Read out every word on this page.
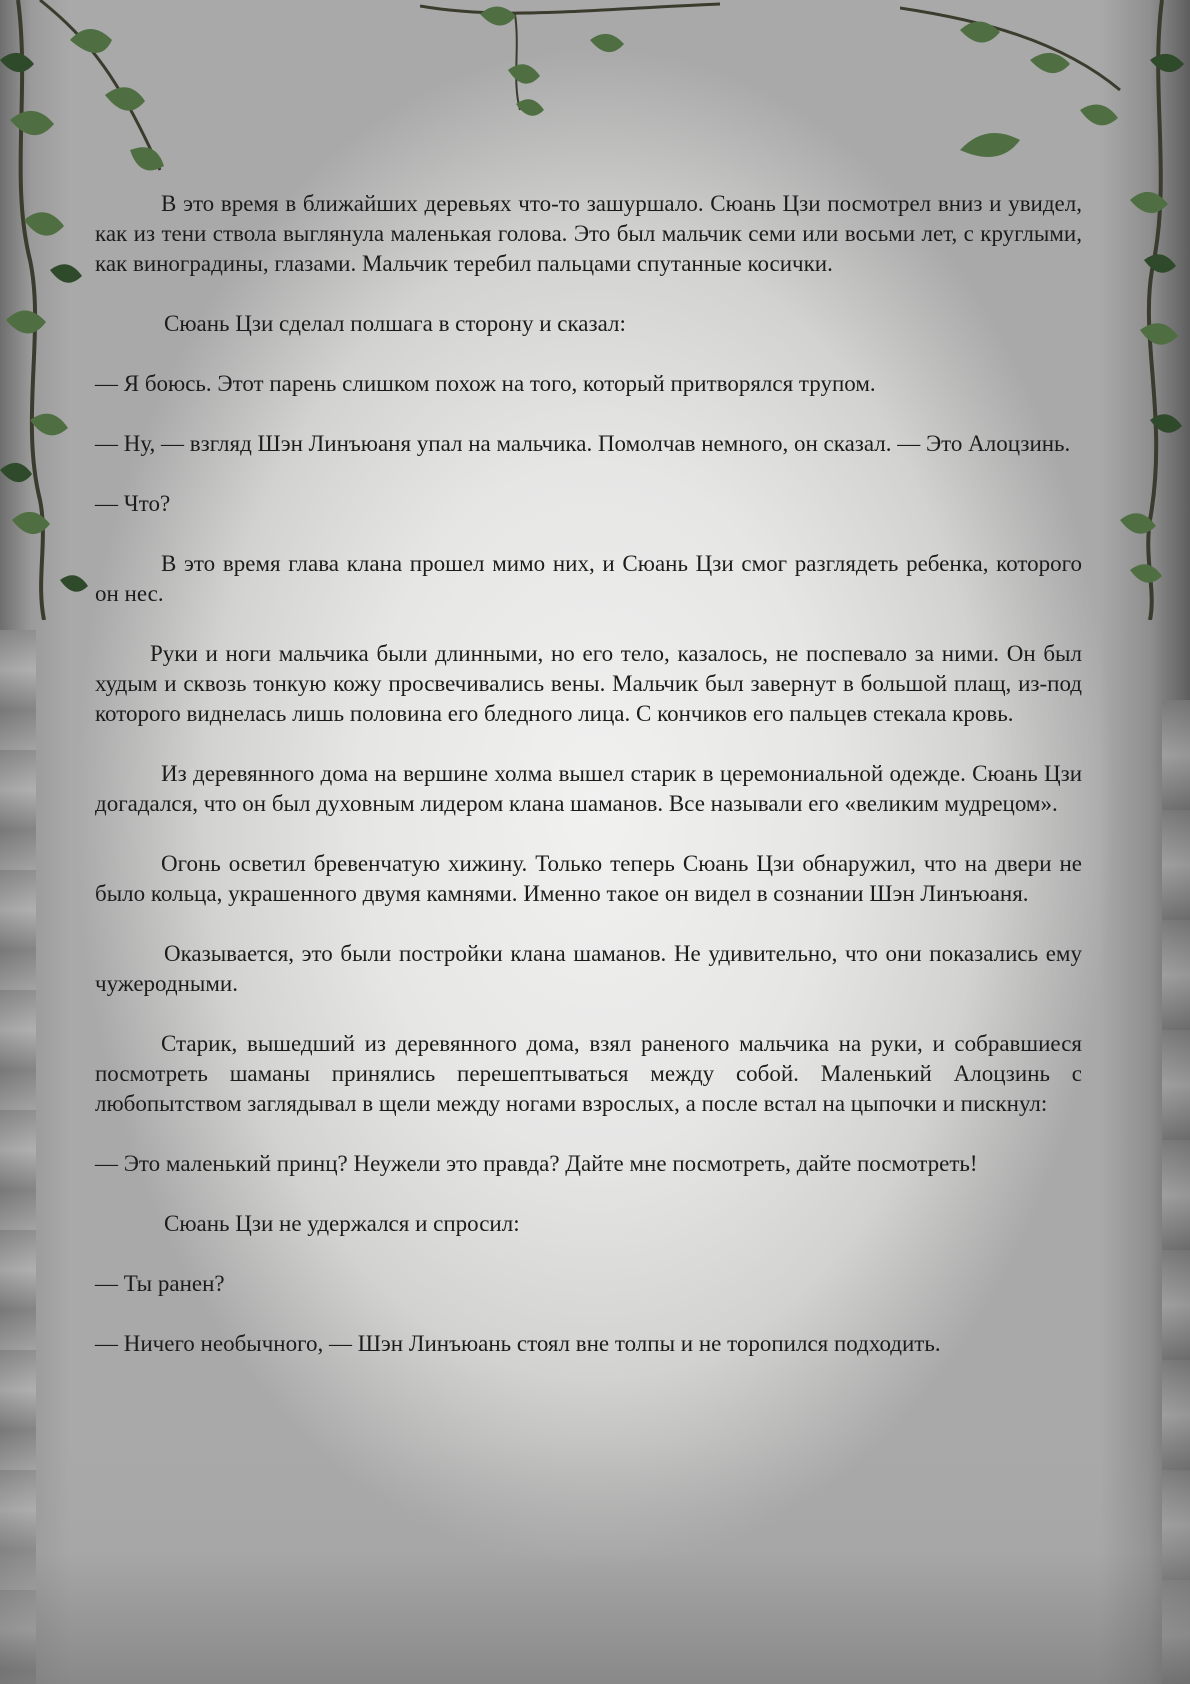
В это время в ближайших деревьях что-то зашуршало. Сюань Цзи посмотрел вниз и увидел, как из тени ствола выглянула маленькая голова. Это был мальчик семи или восьми лет, с круглыми, как виноградины, глазами. Мальчик теребил пальцами спутанные косички.

Сюань Цзи сделал полшага в сторону и сказал:

— Я боюсь. Этот парень слишком похож на того, который притворялся трупом.

— Ну, — взгляд Шэн Линъюаня упал на мальчика. Помолчав немного, он сказал. — Это Алоцзинь.

— Что?

В это время глава клана прошел мимо них, и Сюань Цзи смог разглядеть ребенка, которого он нес.

Руки и ноги мальчика были длинными, но его тело, казалось, не поспевало за ними. Он был худым и сквозь тонкую кожу просвечивались вены. Мальчик был завернут в большой плащ, из-под которого виднелась лишь половина его бледного лица. С кончиков его пальцев стекала кровь.

Из деревянного дома на вершине холма вышел старик в церемониальной одежде. Сюань Цзи догадался, что он был духовным лидером клана шаманов. Все называли его «великим мудрецом».

Огонь осветил бревенчатую хижину. Только теперь Сюань Цзи обнаружил, что на двери не было кольца, украшенного двумя камнями. Именно такое он видел в сознании Шэн Линъюаня.

Оказывается, это были постройки клана шаманов. Не удивительно, что они показались ему чужеродными.

Старик, вышедший из деревянного дома, взял раненого мальчика на руки, и собравшиеся посмотреть шаманы принялись перешептываться между собой. Маленький Алоцзинь с любопытством заглядывал в щели между ногами взрослых, а после встал на цыпочки и пискнул:

— Это маленький принц? Неужели это правда? Дайте мне посмотреть, дайте посмотреть!

Сюань Цзи не удержался и спросил:

— Ты ранен?

— Ничего необычного, — Шэн Линъюань стоял вне толпы и не торопился подходить.
